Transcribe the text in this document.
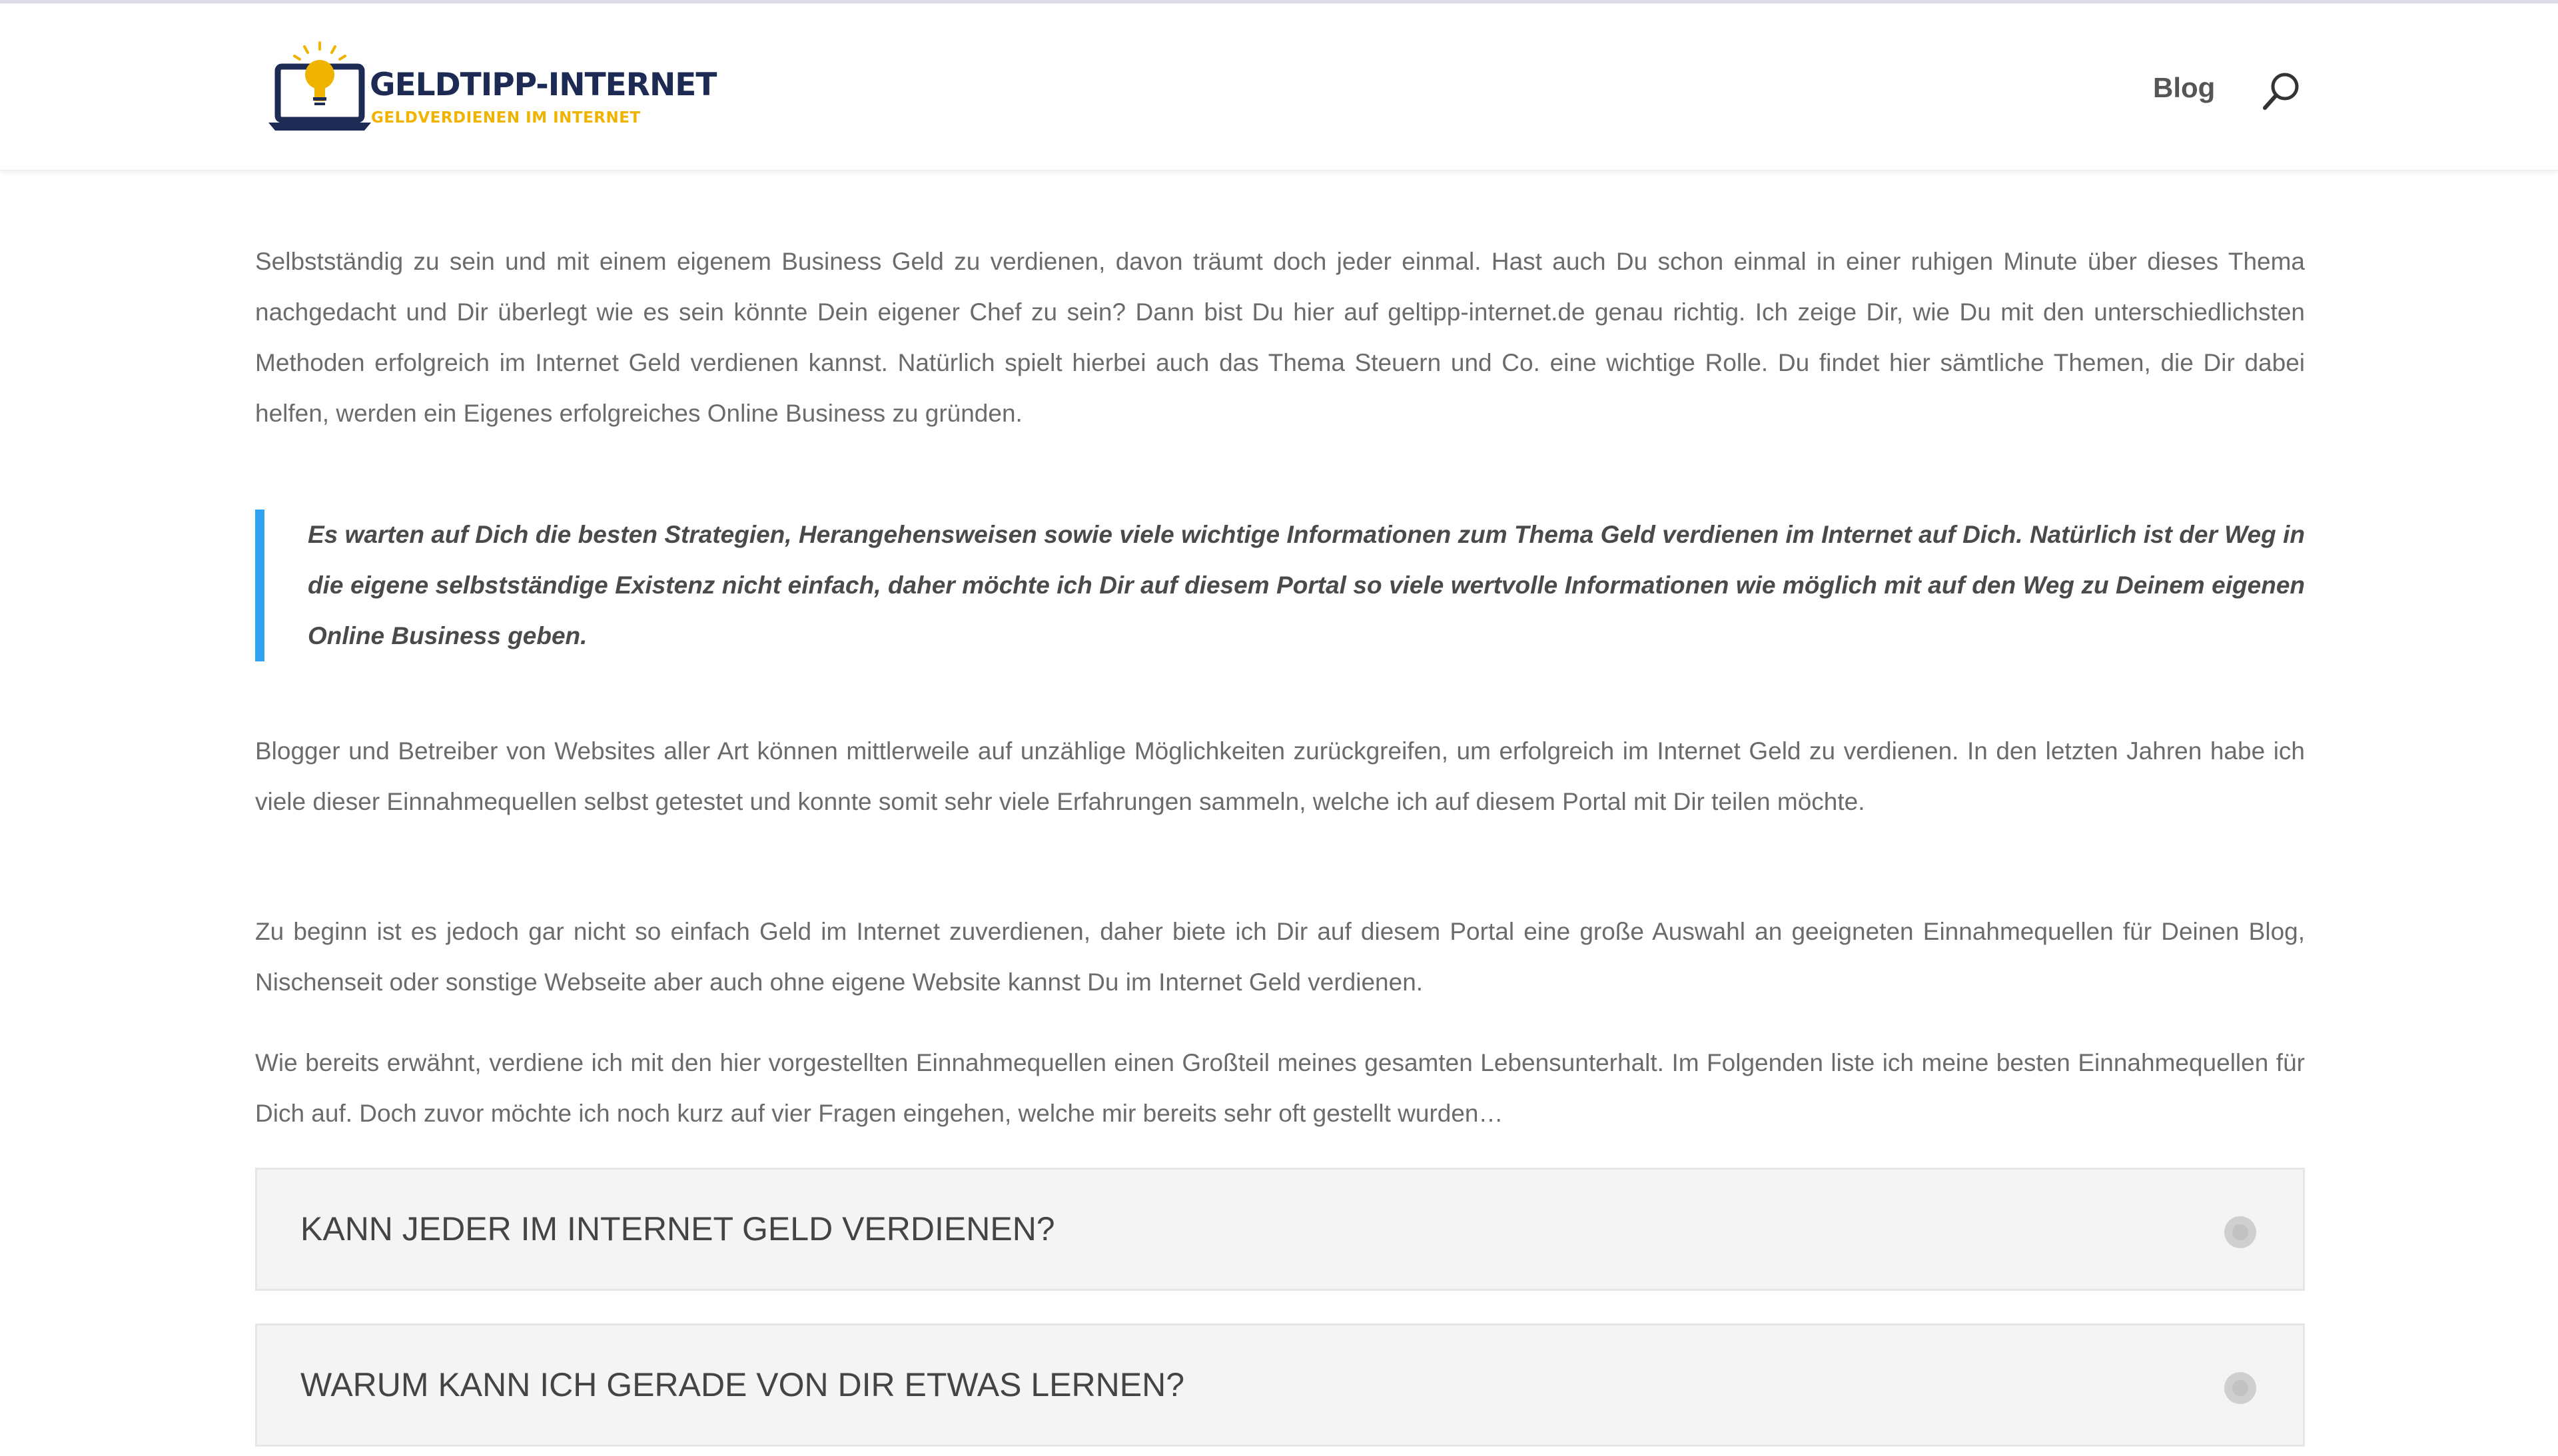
GELDTIPP-INTERNET
GELDVERDIENEN IM INTERNET
Blog

Selbstständig zu sein und mit einem eigenem Business Geld zu verdienen, davon träumt doch jeder einmal. Hast auch Du schon einmal in einer ruhigen Minute über dieses Thema nachgedacht und Dir überlegt wie es sein könnte Dein eigener Chef zu sein? Dann bist Du hier auf geltipp-internet.de genau richtig. Ich zeige Dir, wie Du mit den unterschiedlichsten Methoden erfolgreich im Internet Geld verdienen kannst. Natürlich spielt hierbei auch das Thema Steuern und Co. eine wichtige Rolle. Du findet hier sämtliche Themen, die Dir dabei helfen, werden ein Eigenes erfolgreiches Online Business zu gründen.

Es warten auf Dich die besten Strategien, Herangehensweisen sowie viele wichtige Informationen zum Thema Geld verdienen im Internet auf Dich. Natürlich ist der Weg in die eigene selbstständige Existenz nicht einfach, daher möchte ich Dir auf diesem Portal so viele wertvolle Informationen wie möglich mit auf den Weg zu Deinem eigenen Online Business geben.

Blogger und Betreiber von Websites aller Art können mittlerweile auf unzählige Möglichkeiten zurückgreifen, um erfolgreich im Internet Geld zu verdienen. In den letzten Jahren habe ich viele dieser Einnahmequellen selbst getestet und konnte somit sehr viele Erfahrungen sammeln, welche ich auf diesem Portal mit Dir teilen möchte.

Zu beginn ist es jedoch gar nicht so einfach Geld im Internet zuverdienen, daher biete ich Dir auf diesem Portal eine große Auswahl an geeigneten Einnahmequellen für Deinen Blog, Nischenseit oder sonstige Webseite aber auch ohne eigene Website kannst Du im Internet Geld verdienen.

Wie bereits erwähnt, verdiene ich mit den hier vorgestellten Einnahmequellen einen Großteil meines gesamten Lebensunterhalt. Im Folgenden liste ich meine besten Einnahmequellen für Dich auf. Doch zuvor möchte ich noch kurz auf vier Fragen eingehen, welche mir bereits sehr oft gestellt wurden…

KANN JEDER IM INTERNET GELD VERDIENEN?
WARUM KANN ICH GERADE VON DIR ETWAS LERNEN?
